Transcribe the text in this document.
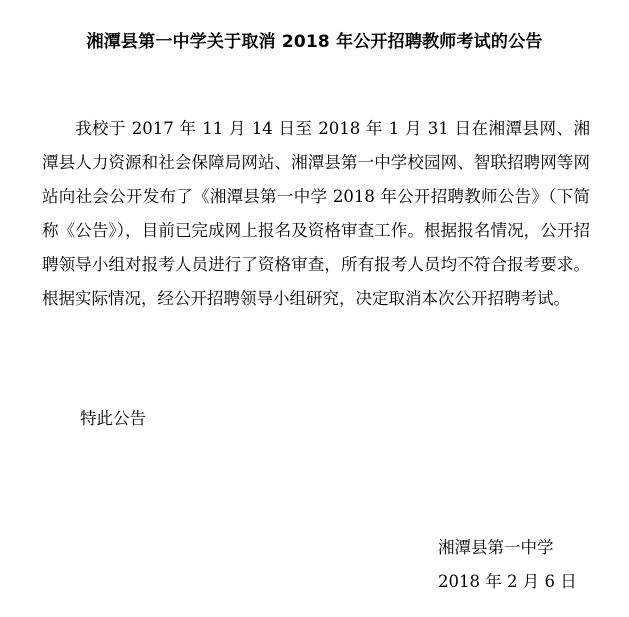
湘潭县第一中学关于取消 2018 年公开招聘教师考试的公告

我校于 2017 年 11 月 14 日至 2018 年 1 月 31 日在湘潭县网、湘潭县人力资源和社会保障局网站、湘潭县第一中学校园网、智联招聘网等网站向社会公开发布了《湘潭县第一中学 2018 年公开招聘教师公告》（下简称《公告》），目前已完成网上报名及资格审查工作。根据报名情况，公开招聘领导小组对报考人员进行了资格审查，所有报考人员均不符合报考要求。根据实际情况，经公开招聘领导小组研究，决定取消本次公开招聘考试。

特此公告
湘潭县第一中学
2018 年 2 月 6 日
